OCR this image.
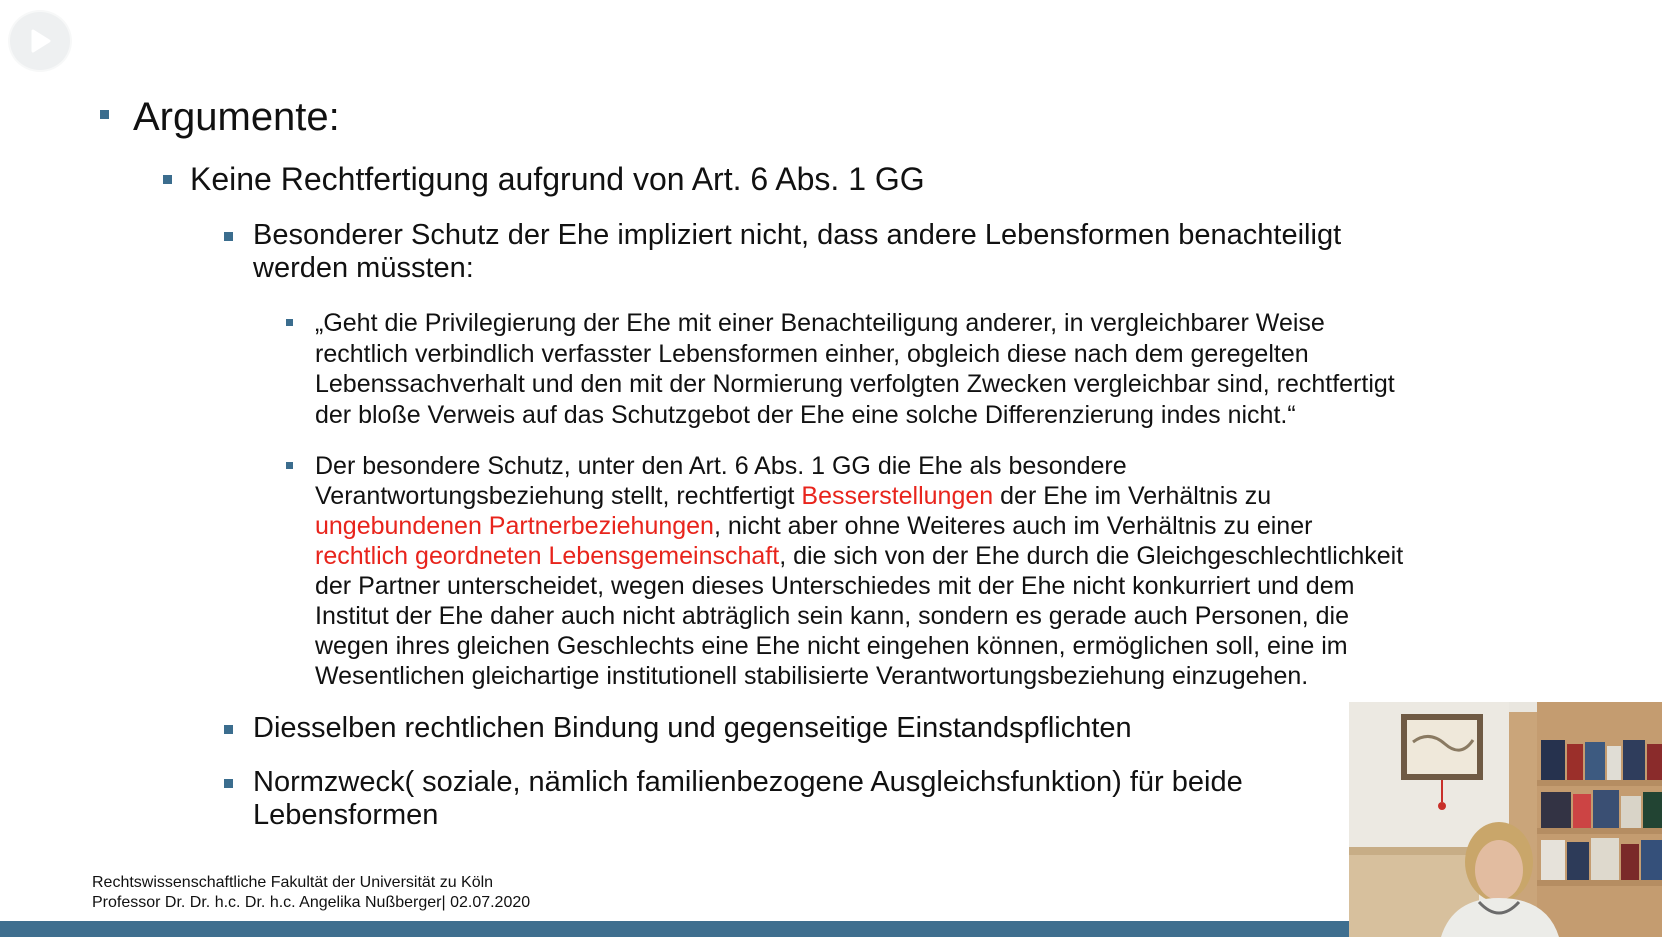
Argumente:

Keine Rechtfertigung aufgrund von Art. 6 Abs. 1 GG

Besonderer Schutz der Ehe impliziert nicht, dass andere Lebensformen benachteiligt

werden müssten:

„Geht die Privilegierung der Ehe mit einer Benachteiligung anderer, in vergleichbarer Weise

rechtlich verbindlich verfasster Lebensformen einher, obgleich diese nach dem geregelten

Lebenssachverhalt und den mit der Normierung verfolgten Zwecken vergleichbar sind, rechtfertigt

der bloße Verweis auf das Schutzgebot der Ehe eine solche Differenzierung indes nicht.“

Der besondere Schutz, unter den Art. 6 Abs. 1 GG die Ehe als besondere

Verantwortungsbeziehung stellt, rechtfertigt Besserstellungen der Ehe im Verhältnis zu

ungebundenen Partnerbeziehungen, nicht aber ohne Weiteres auch im Verhältnis zu einer

rechtlich geordneten Lebensgemeinschaft, die sich von der Ehe durch die Gleichgeschlechtlichkeit

der Partner unterscheidet, wegen dieses Unterschiedes mit der Ehe nicht konkurriert und dem

Institut der Ehe daher auch nicht abträglich sein kann, sondern es gerade auch Personen, die

wegen ihres gleichen Geschlechts eine Ehe nicht eingehen können, ermöglichen soll, eine im

Wesentlichen gleichartige institutionell stabilisierte Verantwortungsbeziehung einzugehen.

Diesselben rechtlichen Bindung und gegenseitige Einstandspflichten

Normzweck( soziale, nämlich familienbezogene Ausgleichsfunktion) für beide

Lebensformen

Rechtswissenschaftliche Fakultät der Universität zu Köln
Professor Dr. Dr. h.c. Dr. h.c. Angelika Nußberger| 02.07.2020
